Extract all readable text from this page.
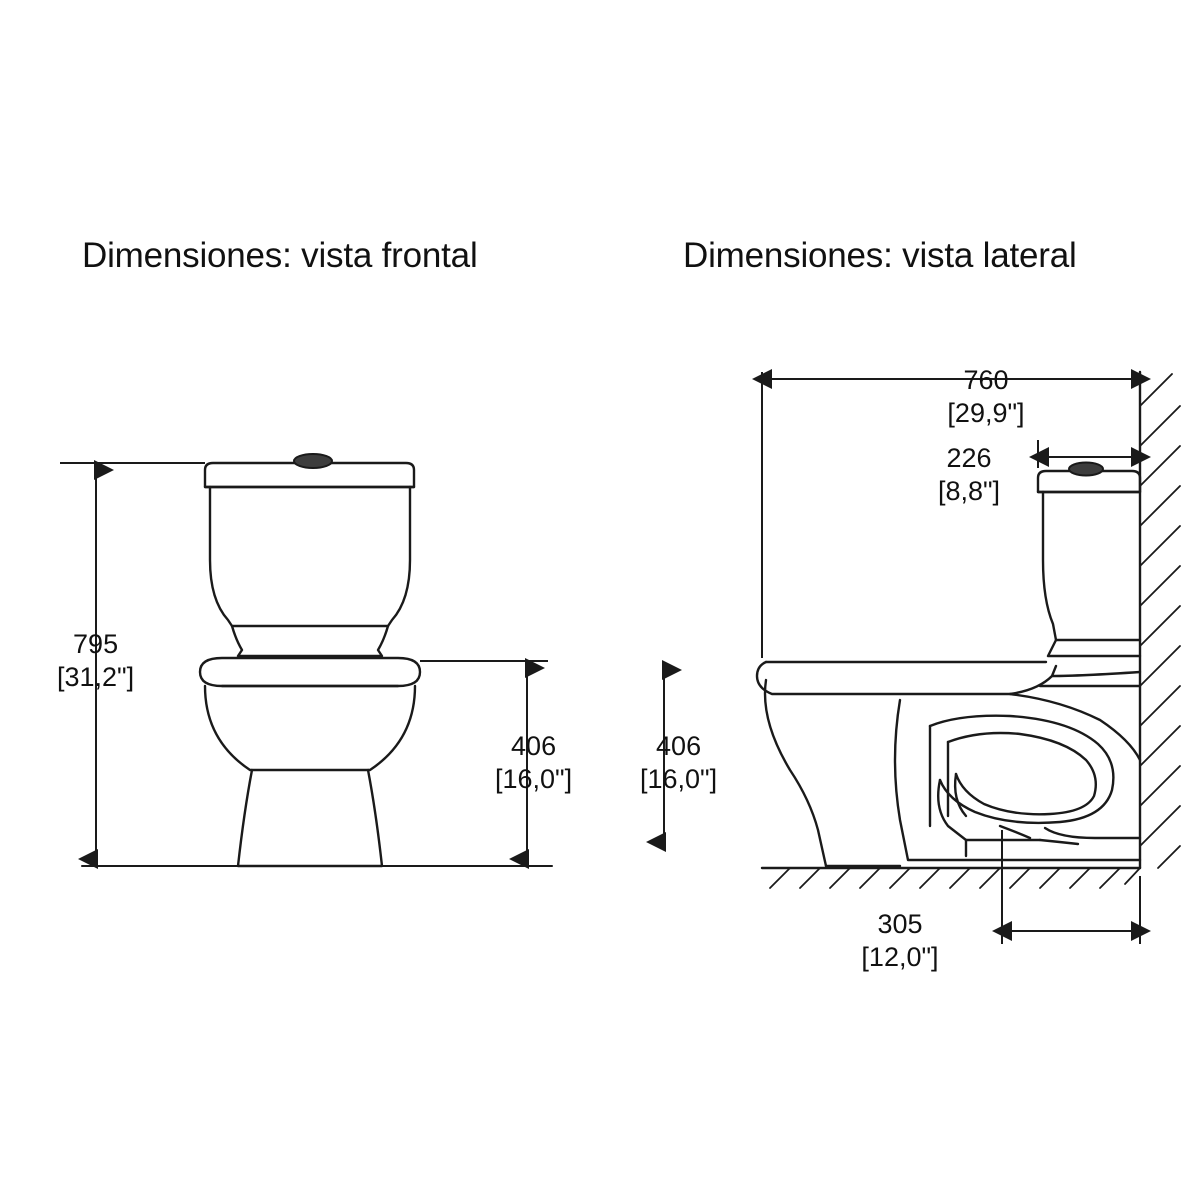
Dimensiones: vista frontal	Dimensiones: vista lateral
795
[31,2"]
406
[16,0"]
760
[29,9"]
226
[8,8"]
406
[16,0"]
305
[12,0"]
